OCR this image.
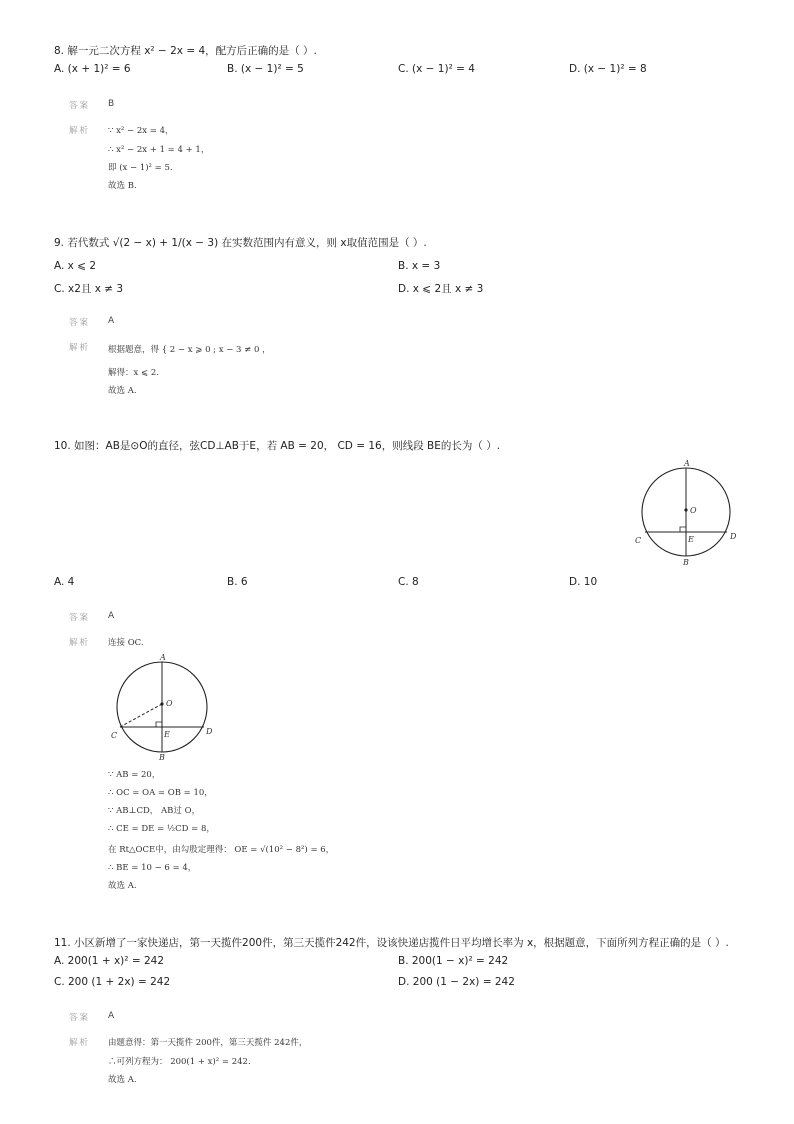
8. 解一元二次方程 x² − 2x = 4，配方后正确的是（ ）.
A. (x + 1)² = 6	B. (x − 1)² = 5	C. (x − 1)² = 4	D. (x − 1)² = 8
答案 B
解析 ∵ x² − 2x = 4，
∴ x² − 2x + 1 = 4 + 1，
即 (x − 1)² = 5.
故选 B.
9. 若代数式 √(2 − x) + 1/(x − 3) 在实数范围内有意义，则 x取值范围是（ ）.
A. x ⩽ 2	B. x = 3
C. x2且 x ≠ 3	D. x ⩽ 2且 x ≠ 3
答案 A
解析 根据题意，得 { 2 − x ⩾ 0 ; x − 3 ≠ 0 ，
解得：x ⩽ 2.
故选 A.
10. 如图：AB是⊙O的直径，弦CD⊥AB于E，若 AB = 20， CD = 16，则线段 BE的长为（ ）.
A
O
C	D
E
B
A. 4	B. 6	C. 8	D. 10
答案 A
解析 连接 OC.
A
O
C	D
E
B
∵ AB = 20，
∴ OC = OA = OB = 10，
∵ AB⊥CD， AB过 O，
∴ CE = DE = ½CD = 8，
在 Rt△OCE中，由勾股定理得： OE = √(10² − 8²) = 6，
∴ BE = 10 − 6 = 4，
故选 A.
11. 小区新增了一家快递店，第一天揽件200件，第三天揽件242件，设该快递店揽件日平均增长率为 x，根据题意，下面所列方程正确的是（ ）.
A. 200(1 + x)² = 242	B. 200(1 − x)² = 242
C. 200 (1 + 2x) = 242	D. 200 (1 − 2x) = 242
答案 A
解析 由题意得：第一天揽件 200件，第三天揽件 242件，
∴可列方程为： 200(1 + x)² = 242.
故选 A.
